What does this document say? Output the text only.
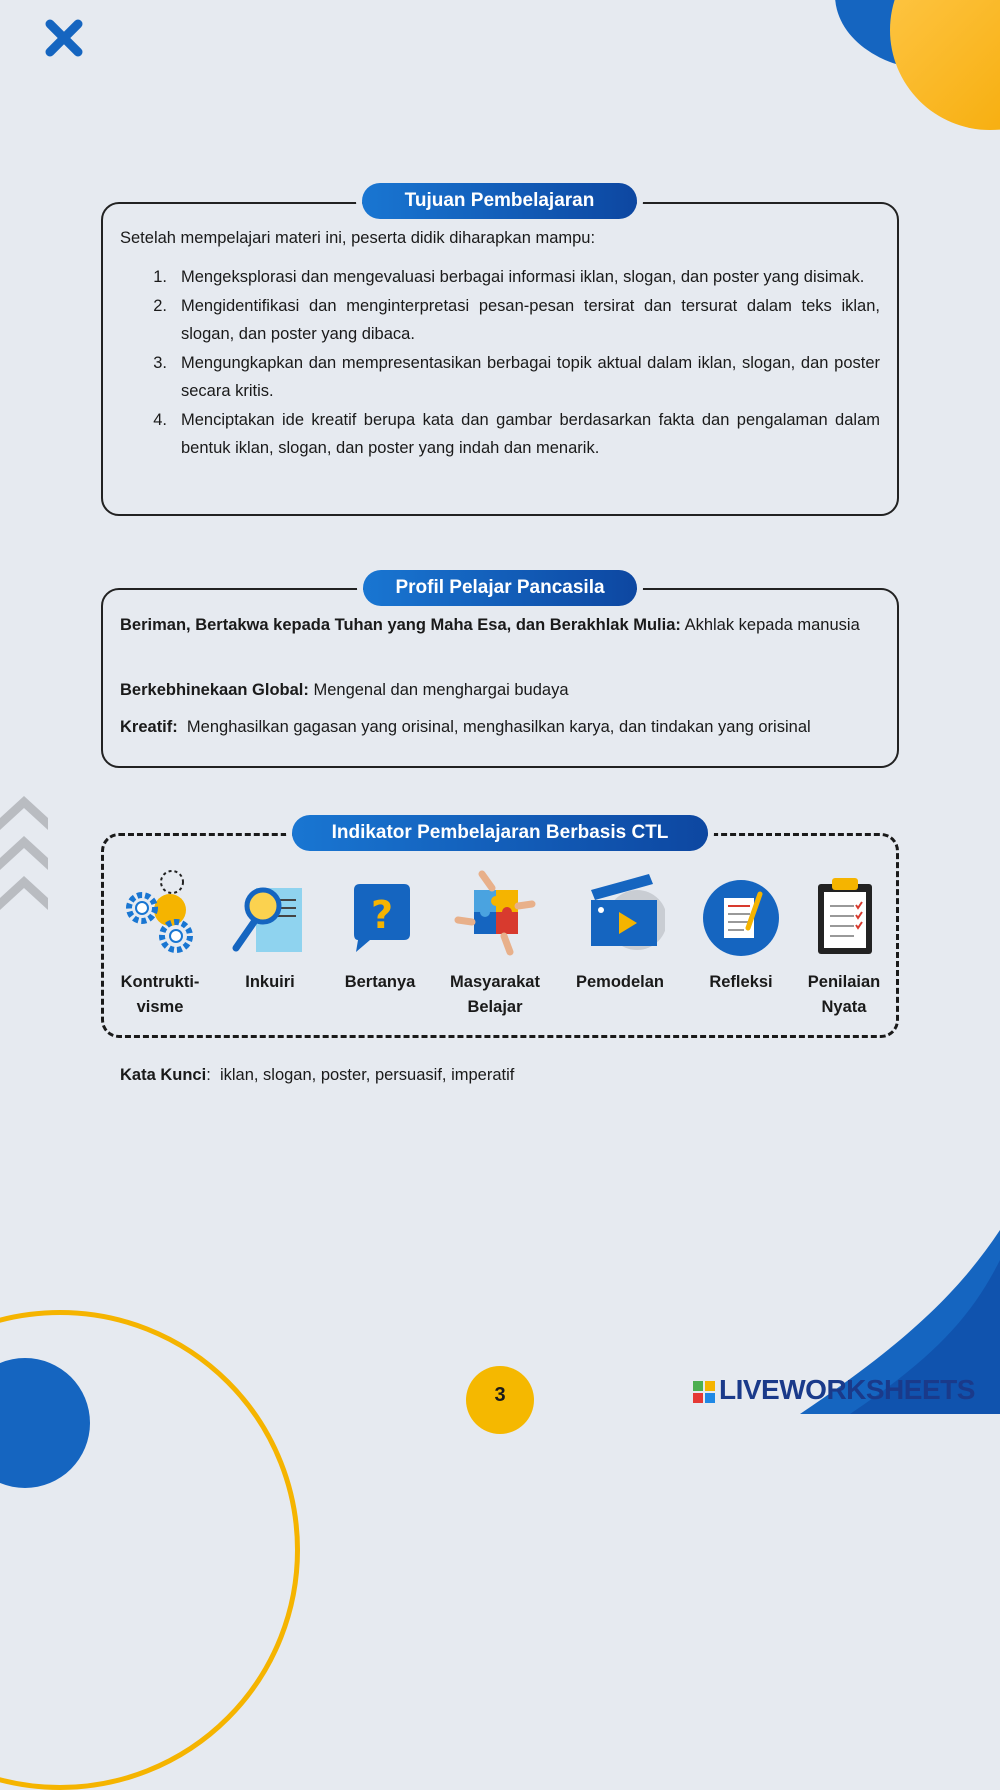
Tujuan Pembelajaran
Setelah mempelajari materi ini, peserta didik diharapkan mampu:
1. Mengeksplorasi dan mengevaluasi berbagai informasi iklan, slogan, dan poster yang disimak.
2. Mengidentifikasi dan menginterpretasi pesan-pesan tersirat dan tersurat dalam teks iklan, slogan, dan poster yang dibaca.
3. Mengungkapkan dan mempresentasikan berbagai topik aktual dalam iklan, slogan, dan poster secara kritis.
4. Menciptakan ide kreatif berupa kata dan gambar berdasarkan fakta dan pengalaman dalam bentuk iklan, slogan, dan poster yang indah dan menarik.
Profil Pelajar Pancasila
Beriman, Bertakwa kepada Tuhan yang Maha Esa, dan Berakhlak Mulia: Akhlak kepada manusia
Berkebhinekaan Global: Mengenal dan menghargai budaya
Kreatif:  Menghasilkan gagasan yang orisinal, menghasilkan karya, dan tindakan yang orisinal
Indikator Pembelajaran Berbasis CTL
Kontrukti-
visme
Inkuiri
?
Bertanya	Masyarakat
Belajar
Pemodelan	Refleksi	Penilaian
Nyata
Kata Kunci:  iklan, slogan, poster, persuasif, imperatif
3	LIVEWORKSHEETS
